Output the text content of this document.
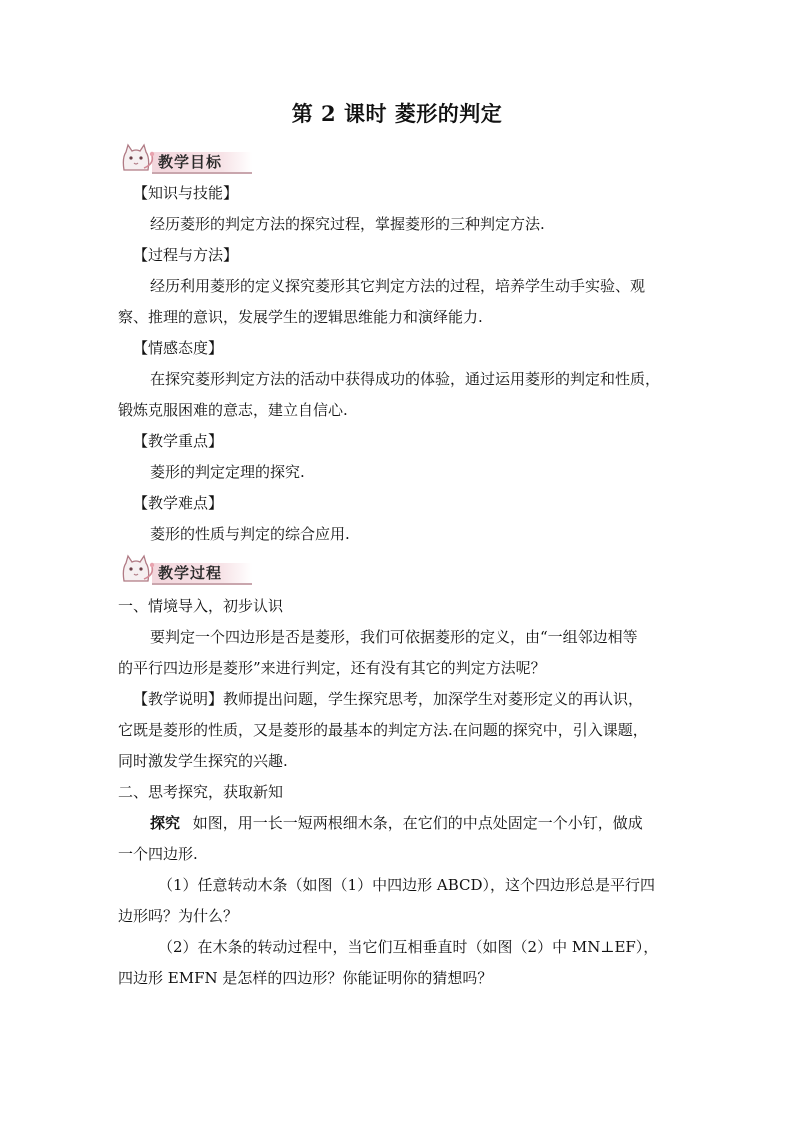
第 2 课时 菱形的判定
教学目标
【知识与技能】
经历菱形的判定方法的探究过程，掌握菱形的三种判定方法.
【过程与方法】
经历利用菱形的定义探究菱形其它判定方法的过程，培养学生动手实验、观
察、推理的意识，发展学生的逻辑思维能力和演绎能力.
【情感态度】
在探究菱形判定方法的活动中获得成功的体验，通过运用菱形的判定和性质，
锻炼克服困难的意志，建立自信心.
【教学重点】
菱形的判定定理的探究.
【教学难点】
菱形的性质与判定的综合应用.
教学过程
一、情境导入，初步认识
要判定一个四边形是否是菱形，我们可依据菱形的定义，由“一组邻边相等
的平行四边形是菱形”来进行判定，还有没有其它的判定方法呢？
【教学说明】教师提出问题，学生探究思考，加深学生对菱形定义的再认识，
它既是菱形的性质，又是菱形的最基本的判定方法.在问题的探究中，引入课题，
同时激发学生探究的兴趣.
二、思考探究，获取新知
探究 如图，用一长一短两根细木条，在它们的中点处固定一个小钉，做成
一个四边形.
（1）任意转动木条（如图（1）中四边形 ABCD），这个四边形总是平行四
边形吗？为什么？
（2）在木条的转动过程中，当它们互相垂直时（如图（2）中 MN⊥EF），
四边形 EMFN 是怎样的四边形？你能证明你的猜想吗？
